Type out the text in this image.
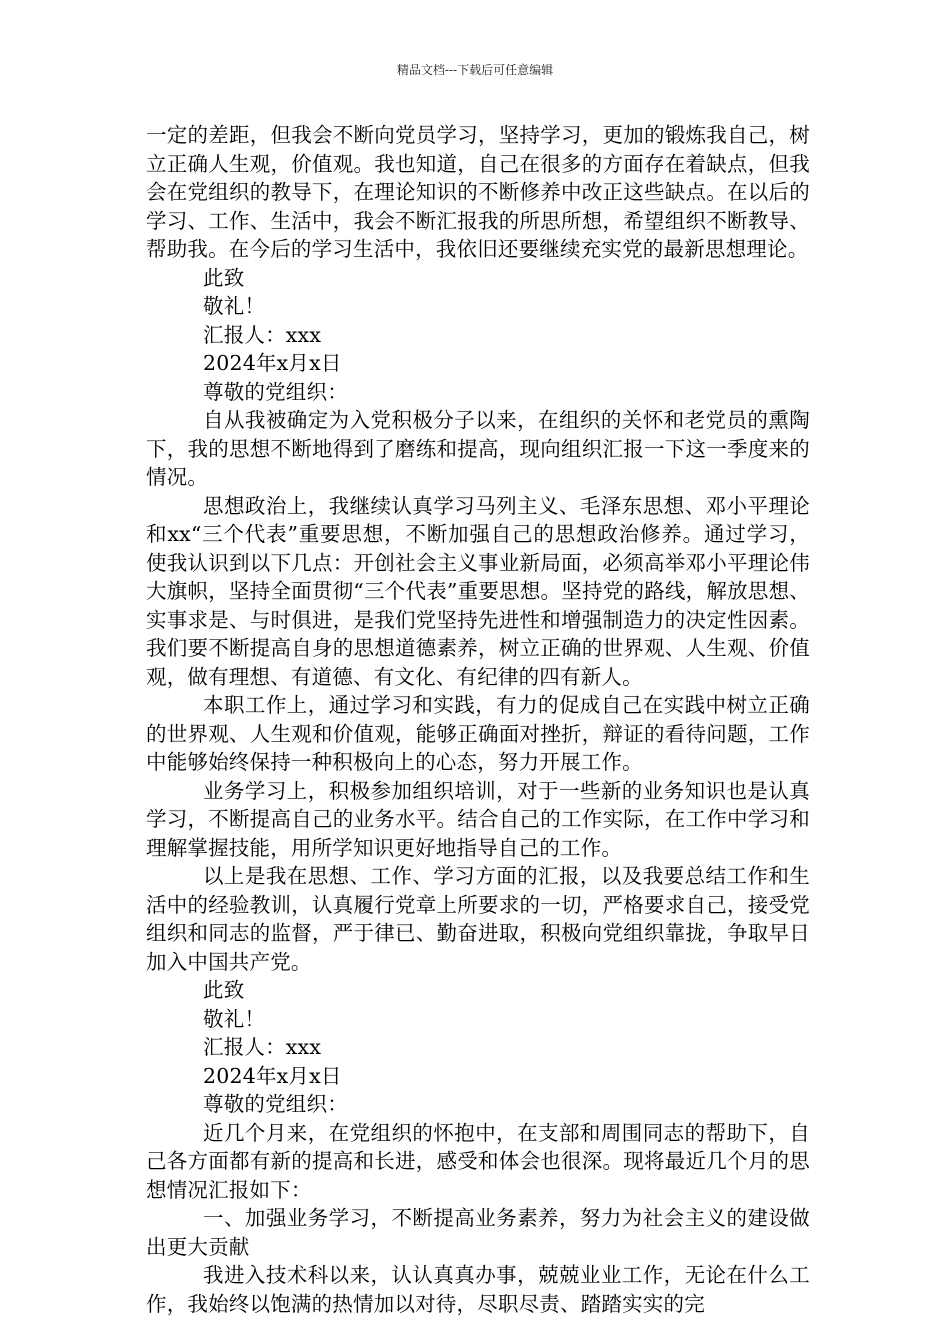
精品文档---下载后可任意编辑

一定的差距，但我会不断向党员学习，坚持学习，更加的锻炼我自己，树立正确人生观，价值观。我也知道，自己在很多的方面存在着缺点，但我会在党组织的教导下，在理论知识的不断修养中改正这些缺点。在以后的学习、工作、生活中，我会不断汇报我的所思所想，希望组织不断教导、帮助我。在今后的学习生活中，我依旧还要继续充实党的最新思想理论。

此致

敬礼！

汇报人：xxx

2024年x月x日

尊敬的党组织：

自从我被确定为入党积极分子以来，在组织的关怀和老党员的熏陶下，我的思想不断地得到了磨练和提高，现向组织汇报一下这一季度来的情况。

思想政治上，我继续认真学习马列主义、毛泽东思想、邓小平理论和xx“三个代表”重要思想，不断加强自己的思想政治修养。通过学习，使我认识到以下几点：开创社会主义事业新局面，必须高举邓小平理论伟大旗帜，坚持全面贯彻“三个代表”重要思想。坚持党的路线，解放思想、实事求是、与时俱进，是我们党坚持先进性和增强制造力的决定性因素。我们要不断提高自身的思想道德素养，树立正确的世界观、人生观、价值观，做有理想、有道德、有文化、有纪律的四有新人。

本职工作上，通过学习和实践，有力的促成自己在实践中树立正确的世界观、人生观和价值观，能够正确面对挫折，辩证的看待问题，工作中能够始终保持一种积极向上的心态，努力开展工作。

业务学习上，积极参加组织培训，对于一些新的业务知识也是认真学习，不断提高自己的业务水平。结合自己的工作实际，在工作中学习和理解掌握技能，用所学知识更好地指导自己的工作。

以上是我在思想、工作、学习方面的汇报，以及我要总结工作和生活中的经验教训，认真履行党章上所要求的一切，严格要求自己，接受党组织和同志的监督，严于律已、勤奋进取，积极向党组织靠拢，争取早日加入中国共产党。

此致

敬礼！

汇报人：xxx

2024年x月x日

尊敬的党组织：

近几个月来，在党组织的怀抱中，在支部和周围同志的帮助下，自己各方面都有新的提高和长进，感受和体会也很深。现将最近几个月的思想情况汇报如下：

一、加强业务学习，不断提高业务素养，努力为社会主义的建设做出更大贡献

我进入技术科以来，认认真真办事，兢兢业业工作，无论在什么工作，我始终以饱满的热情加以对待，尽职尽责、踏踏实实的完
